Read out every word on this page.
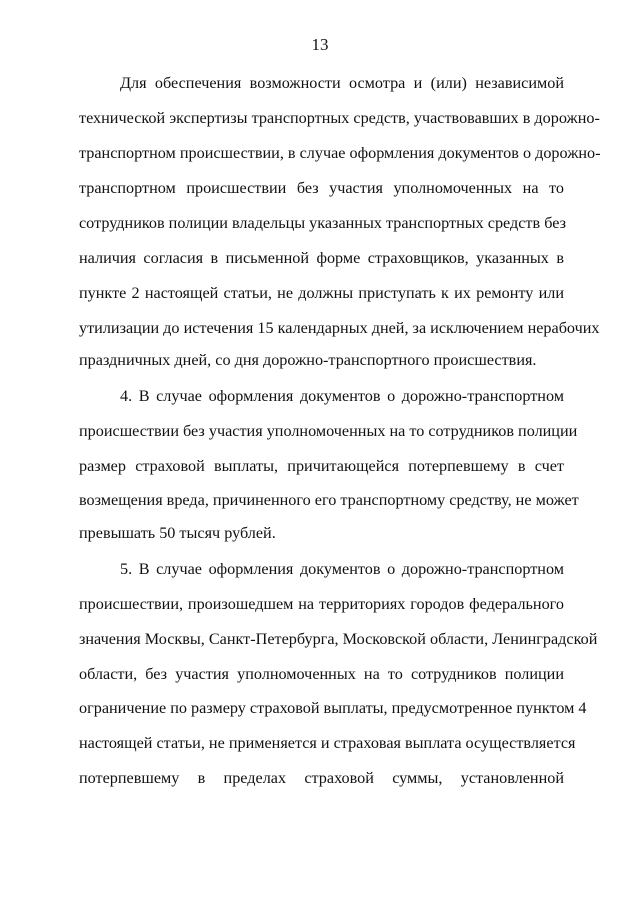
13
Для обеспечения возможности осмотра и (или) независимой
технической экспертизы транспортных средств, участвовавших в дорожно-
транспортном происшествии, в случае оформления документов о дорожно-
транспортном происшествии без участия уполномоченных на то
сотрудников полиции владельцы указанных транспортных средств без
наличия согласия в письменной форме страховщиков, указанных в
пункте 2 настоящей статьи, не должны приступать к их ремонту или
утилизации до истечения 15 календарных дней, за исключением нерабочих
праздничных дней, со дня дорожно-транспортного происшествия.
4. В случае оформления документов о дорожно-транспортном
происшествии без участия уполномоченных на то сотрудников полиции
размер страховой выплаты, причитающейся потерпевшему в счет
возмещения вреда, причиненного его транспортному средству, не может
превышать 50 тысяч рублей.
5. В случае оформления документов о дорожно-транспортном
происшествии, произошедшем на территориях городов федерального
значения Москвы, Санкт-Петербурга, Московской области, Ленинградской
области, без участия уполномоченных на то сотрудников полиции
ограничение по размеру страховой выплаты, предусмотренное пунктом 4
настоящей статьи, не применяется и страховая выплата осуществляется
потерпевшему в пределах страховой суммы, установленной
